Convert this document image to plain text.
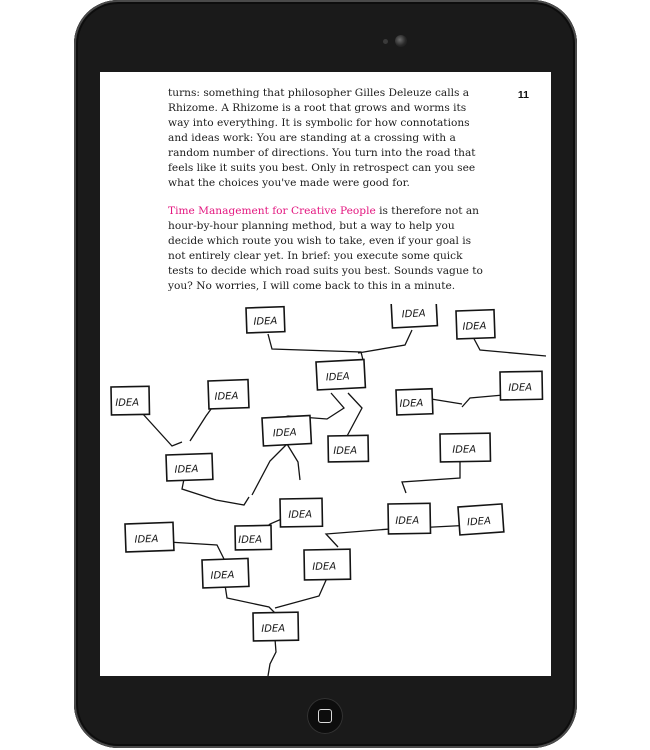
11

turns: something that philosopher Gilles Deleuze calls a Rhizome. A Rhizome is a root that grows and worms its way into everything. It is symbolic for how connotations and ideas work: You are standing at a crossing with a random number of directions. You turn into the road that feels like it suits you best. Only in retrospect can you see what the choices you've made were good for.

Time Management for Creative People is therefore not an hour-by-hour planning method, but a way to help you decide which route you wish to take, even if your goal is not entirely clear yet. In brief: you execute some quick tests to decide which road suits you best. Sounds vague to you? No worries, I will come back to this in a minute.

IDEA
IDEA
IDEA
IDEA
IDEA
IDEA
IDEA
IDEA
IDEA
IDEA	IDEA
IDEA
IDEA
IDEA	IDEA
IDEA	IDEA
IDEA
IDEA
IDEA
